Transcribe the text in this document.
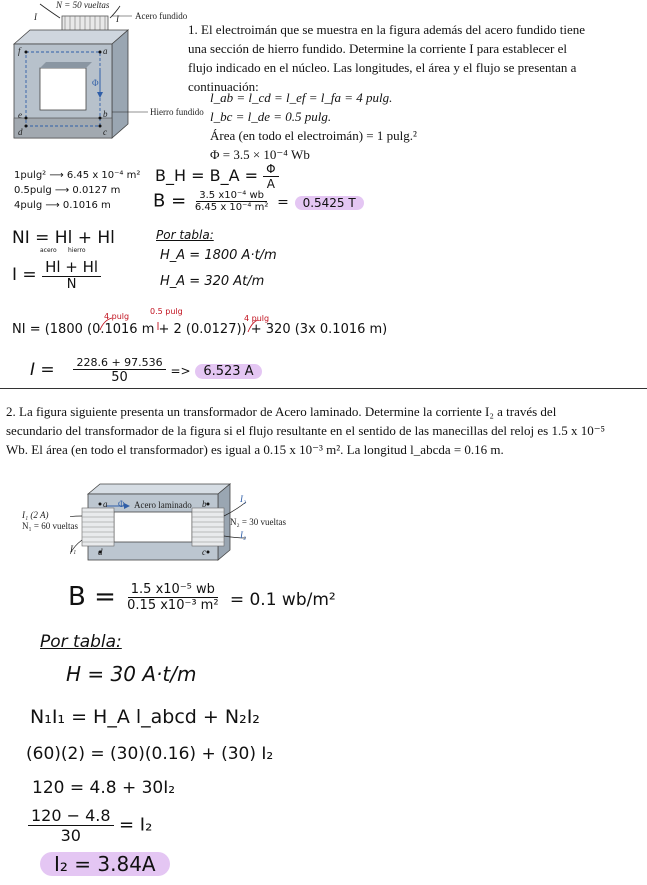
N = 50 vueltas
I	I Acero fundido
Hierro fundido
f	a
b
c
d
e
Φ
1. El electroimán que se muestra en la figura además del acero fundido tiene una sección de hierro fundido. Determine la corriente I para establecer el flujo indicado en el núcleo. Las longitudes, el área y el flujo se presentan a continuación:
l_ab = l_cd = l_ef = l_fa = 4 pulg.
l_bc = l_de = 0.5 pulg.
Área (en todo el electroimán) = 1 pulg.²
Φ = 3.5 × 10⁻⁴ Wb
1pulg² ⟶ 6.45 x 10⁻⁴ m²
0.5pulg ⟶ 0.0127 m
4pulg ⟶ 0.1016 m
B_H = B_A = $\frac{\Phi}{A}$
$B = \frac{\text{3.5 x10⁻⁴ wb}}{\text{6.45 x 10⁻⁴ m²}} = 0.5425$ T
NI = Hl + Hl
acero hierro
$I = \frac{Hl + Hl}{N}$
Por tabla:
H_A = 1800 A·t/m
H_A = 320 At/m
4 pulg
0.5 pulg
4 pulg
NI = (1800 (0.1016 m + 2 (0.0127)) + 320 (3x 0.1016 m)
$I = \frac{228.6 + 97.536}{50} => 6.523$ A
2. La figura siguiente presenta un transformador de Acero laminado. Determine la corriente I₂ a través del secundario del transformador de la figura si el flujo resultante en el sentido de las manecillas del reloj es 1.5 x 10⁻⁵ Wb. El área (en todo el transformador) es igual a 0.15 x 10⁻³ m². La longitud l_abcda = 0.16 m.
I₁ (2 A)
N₁ = 60 vueltas
I₁
Acero laminado
N₂ = 30 vueltas
I₂
I₂
a	b
c
d
Φ
$B = \frac{\text{1.5 x10⁻⁵ wb}}{\text{0.15 x10⁻³ m²}} = 0.1$ wb/m²
Por tabla:
H = 30 A·t/m
N₁I₁ = H_A l_abcd + N₂I₂
(60)(2) = (30)(0.16) + (30) I₂
120 = 4.8 + 30I₂
$\frac{120 - 4.8}{30} = I_2$
I₂ = 3.84A
